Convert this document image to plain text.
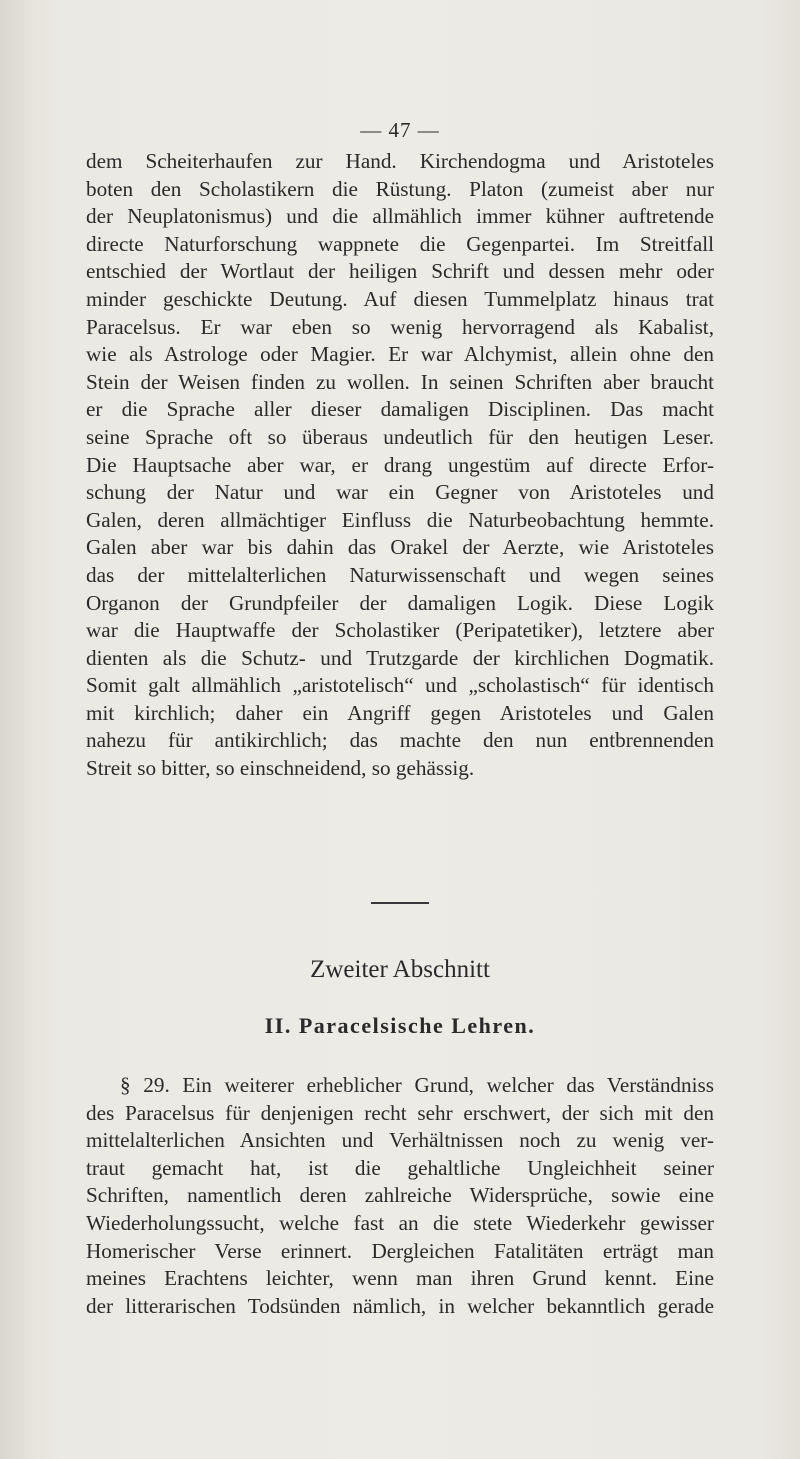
— 47 —

dem Scheiterhaufen zur Hand. Kirchendogma und Aristoteles
boten den Scholastikern die Rüstung. Platon (zumeist aber nur
der Neuplatonismus) und die allmählich immer kühner auftretende
directe Naturforschung wappnete die Gegenpartei. Im Streitfall
entschied der Wortlaut der heiligen Schrift und dessen mehr oder
minder geschickte Deutung. Auf diesen Tummelplatz hinaus trat
Paracelsus. Er war eben so wenig hervorragend als Kabalist,
wie als Astrologe oder Magier. Er war Alchymist, allein ohne den
Stein der Weisen finden zu wollen. In seinen Schriften aber braucht
er die Sprache aller dieser damaligen Disciplinen. Das macht
seine Sprache oft so überaus undeutlich für den heutigen Leser.
Die Hauptsache aber war, er drang ungestüm auf directe Erfor-
schung der Natur und war ein Gegner von Aristoteles und
Galen, deren allmächtiger Einfluss die Naturbeobachtung hemmte.
Galen aber war bis dahin das Orakel der Aerzte, wie Aristoteles
das der mittelalterlichen Naturwissenschaft und wegen seines
Organon der Grundpfeiler der damaligen Logik. Diese Logik
war die Hauptwaffe der Scholastiker (Peripatetiker), letztere aber
dienten als die Schutz- und Trutzgarde der kirchlichen Dogmatik.
Somit galt allmählich „aristotelisch“ und „scholastisch“ für identisch
mit kirchlich; daher ein Angriff gegen Aristoteles und Galen
nahezu für antikirchlich; das machte den nun entbrennenden
Streit so bitter, so einschneidend, so gehässig.

Zweiter Abschnitt
II. Paracelsische Lehren.

§ 29. Ein weiterer erheblicher Grund, welcher das Verständniss
des Paracelsus für denjenigen recht sehr erschwert, der sich mit den
mittelalterlichen Ansichten und Verhältnissen noch zu wenig ver-
traut gemacht hat, ist die gehaltliche Ungleichheit seiner
Schriften, namentlich deren zahlreiche Widersprüche, sowie eine
Wiederholungssucht, welche fast an die stete Wiederkehr gewisser
Homerischer Verse erinnert. Dergleichen Fatalitäten erträgt man
meines Erachtens leichter, wenn man ihren Grund kennt. Eine
der litterarischen Todsünden nämlich, in welcher bekanntlich gerade
